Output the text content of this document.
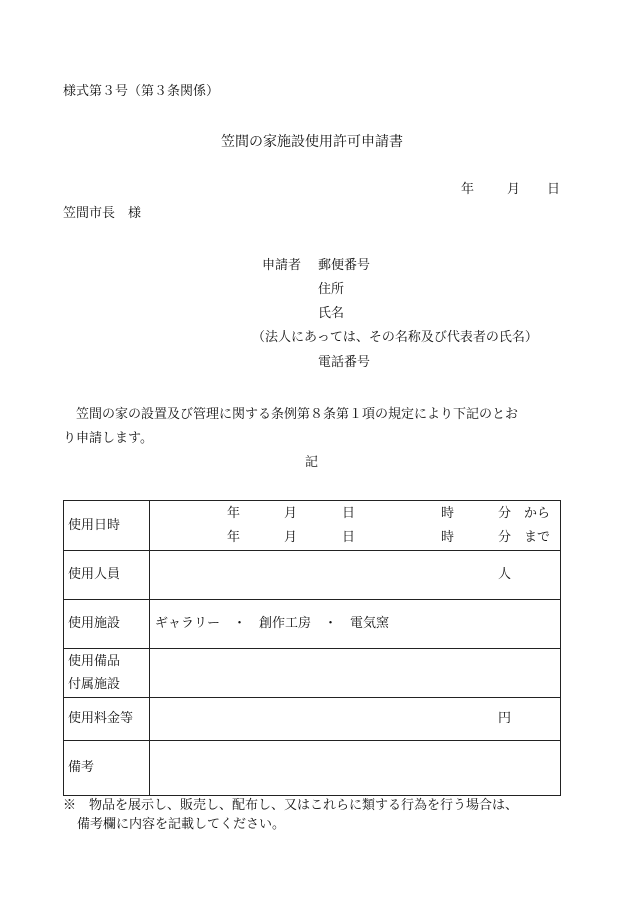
様式第３号（第３条関係）
笠間の家施設使用許可申請書
年	月 日
笠間市長　様
申請者 郵便番号
住所
氏名
（法人にあっては、その名称及び代表者の氏名）
電話番号
笠間の家の設置及び管理に関する条例第８条第１項の規定により下記のとお
り申請します。
記
使用日時
年	月	日	時	分 から
年	月	日	時	分 まで
使用人員	人
使用施設	ギャラリー　・　創作工房　・　電気窯
使用備品
付属施設
使用料金等	円
備考
※　物品を展示し、販売し、配布し、又はこれらに類する行為を行う場合は、
備考欄に内容を記載してください。
